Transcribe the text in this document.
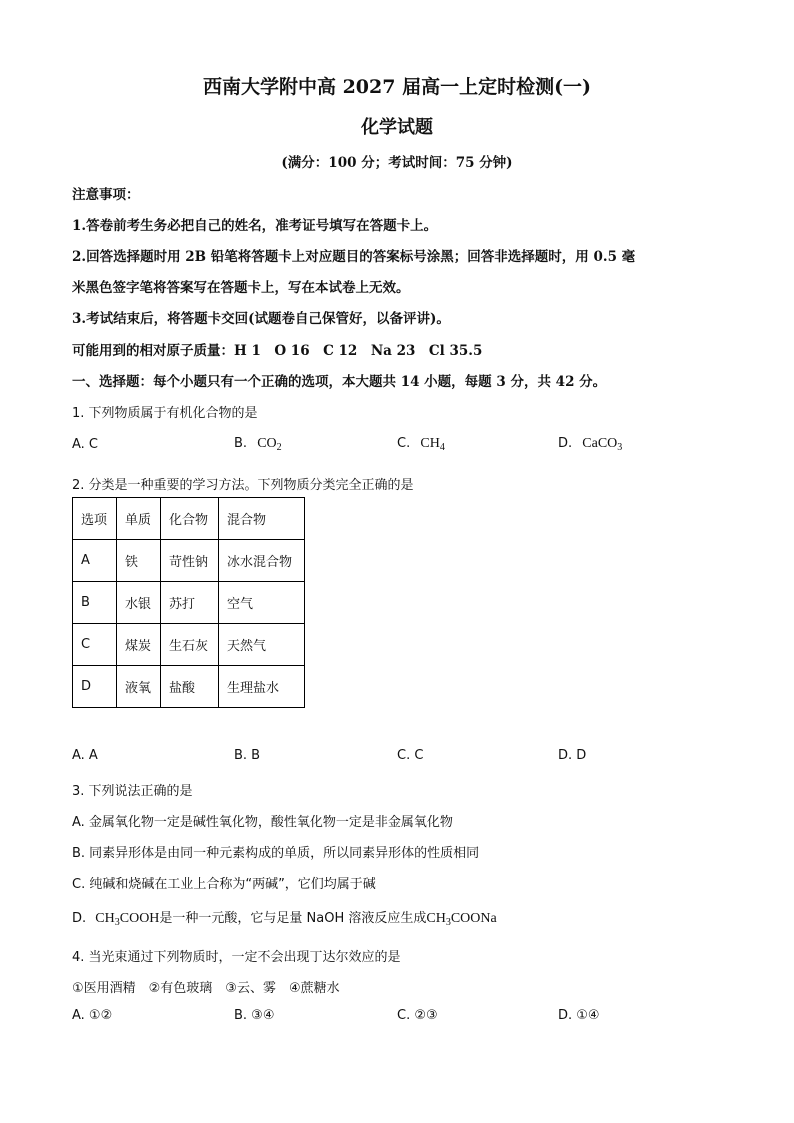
西南大学附中高 2027 届高一上定时检测(一)
化学试题
(满分：100 分；考试时间：75 分钟)
注意事项：
1.答卷前考生务必把自己的姓名，准考证号填写在答题卡上。
2.回答选择题时用 2B 铅笔将答题卡上对应题目的答案标号涂黑；回答非选择题时，用 0.5 毫
米黑色签字笔将答案写在答题卡上，写在本试卷上无效。
3.考试结束后，将答题卡交回(试题卷自己保管好，以备评讲)。
可能用到的相对原子质量：H 1　O 16　C 12　Na 23　Cl 35.5
一、选择题：每个小题只有一个正确的选项，本大题共 14 小题，每题 3 分，共 42 分。
1. 下列物质属于有机化合物的是
A. C	B. $CO_2$	C. $CH_4$	D. CaCO$_3$
2. 分类是一种重要的学习方法。下列物质分类完全正确的是
选项	单质	化合物	混合物
A	铁	苛性钠	冰水混合物
B	水银	苏打	空气
C	煤炭	生石灰	天然气
D	液氧	盐酸	生理盐水
A. A	B. B	C. C	D. D
3. 下列说法正确的是
A. 金属氧化物一定是碱性氧化物，酸性氧化物一定是非金属氧化物
B. 同素异形体是由同一种元素构成的单质，所以同素异形体的性质相同
C. 纯碱和烧碱在工业上合称为“两碱”，它们均属于碱
D. $CH_3COOH$是一种一元酸，它与足量 NaOH 溶液反应生成$CH_3COONa$
4. 当光束通过下列物质时，一定不会出现丁达尔效应的是
①医用酒精　②有色玻璃　③云、雾　④蔗糖水
A. ①②	B. ③④	C. ②③	D. ①④
